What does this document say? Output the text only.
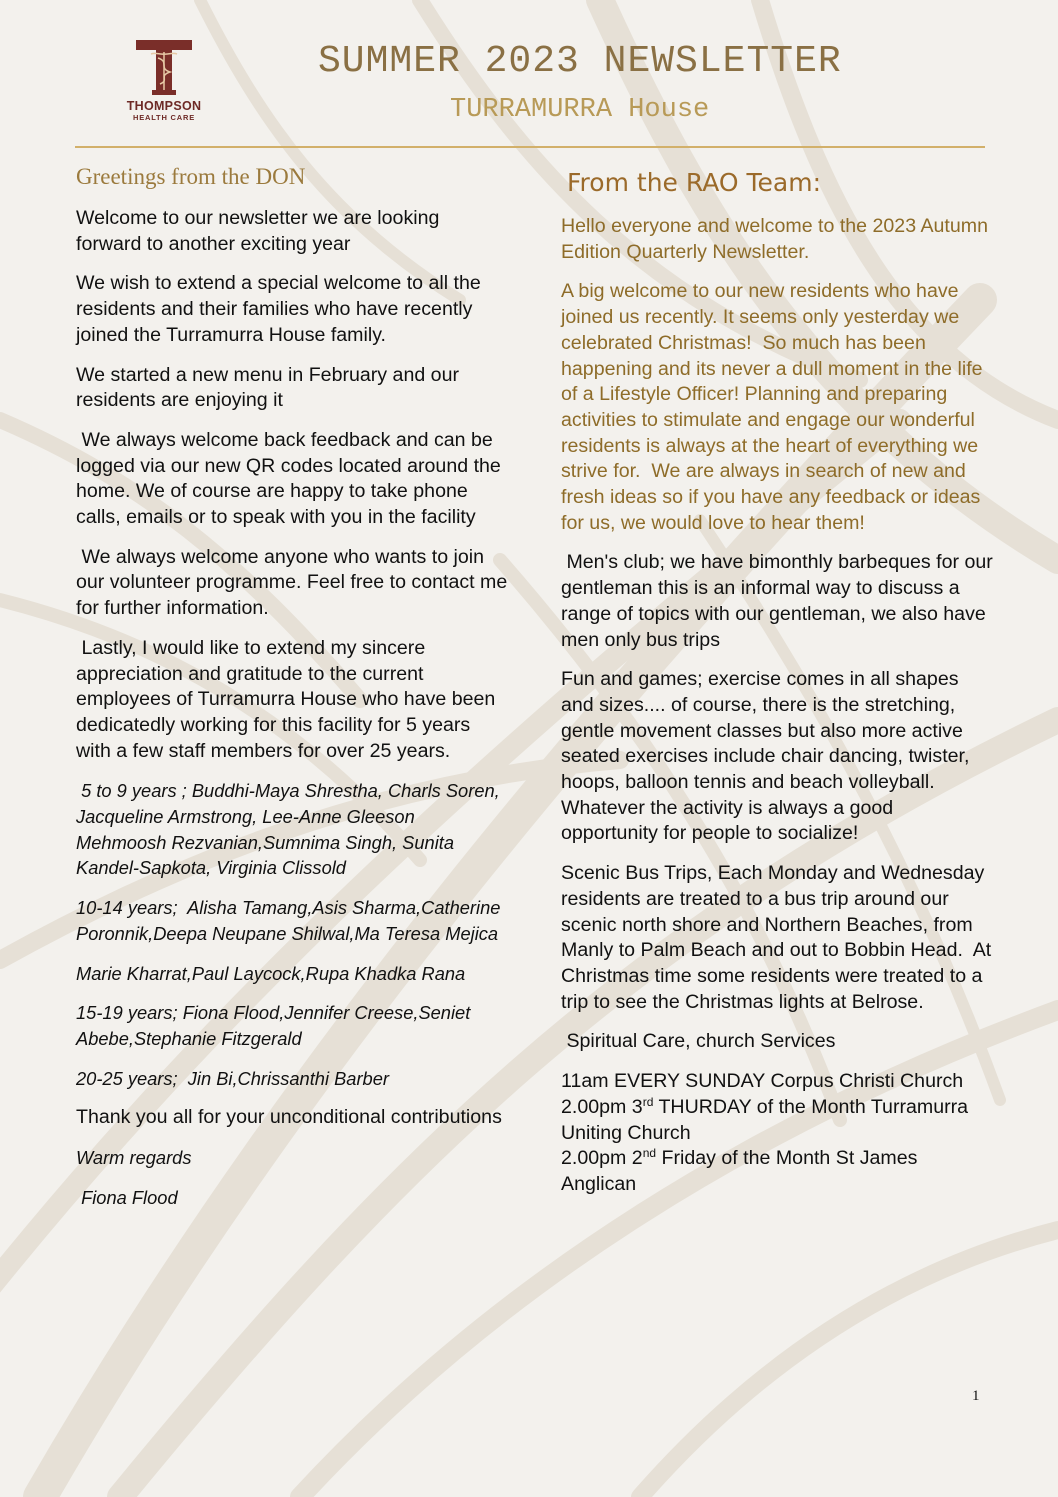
THOMPSON
HEALTH CARE
SUMMER 2023 NEWSLETTER
TURRAMURRA House
Greetings from the DON

Welcome to our newsletter we are looking forward to another exciting year

We wish to extend a special welcome to all the residents and their families who have recently joined the Turramurra House family.

We started a new menu in February and our residents are enjoying it

We always welcome back feedback and can be logged via our new QR codes located around the home. We of course are happy to take phone calls, emails or to speak with you in the facility

We always welcome anyone who wants to join our volunteer programme. Feel free to contact me for further information.

Lastly, I would like to extend my sincere appreciation and gratitude to the current employees of Turramurra House who have been dedicatedly working for this facility for 5 years with a few staff members for over 25 years.

5 to 9 years ; Buddhi-Maya Shrestha, Charls Soren, Jacqueline Armstrong, Lee-Anne Gleeson Mehmoosh Rezvanian,Sumnima Singh, Sunita Kandel-Sapkota, Virginia Clissold

10-14 years;  Alisha Tamang,Asis Sharma,Catherine Poronnik,Deepa Neupane Shilwal,Ma Teresa Mejica

Marie Kharrat,Paul Laycock,Rupa Khadka Rana

15-19 years; Fiona Flood,Jennifer Creese,Seniet Abebe,Stephanie Fitzgerald

20-25 years;  Jin Bi,Chrissanthi Barber

Thank you all for your unconditional contributions

Warm regards

Fiona Flood

From the RAO Team:

Hello everyone and welcome to the 2023 Autumn Edition Quarterly Newsletter.

A big welcome to our new residents who have joined us recently. It seems only yesterday we celebrated Christmas!  So much has been happening and its never a dull moment in the life of a Lifestyle Officer! Planning and preparing activities to stimulate and engage our wonderful residents is always at the heart of everything we strive for.  We are always in search of new and fresh ideas so if you have any feedback or ideas for us, we would love to hear them!

Men's club; we have bimonthly barbeques for our gentleman this is an informal way to discuss a range of topics with our gentleman, we also have men only bus trips

Fun and games; exercise comes in all shapes and sizes.... of course, there is the stretching, gentle movement classes but also more active seated exercises include chair dancing, twister, hoops, balloon tennis and beach volleyball. Whatever the activity is always a good opportunity for people to socialize!

Scenic Bus Trips, Each Monday and Wednesday residents are treated to a bus trip around our scenic north shore and Northern Beaches, from Manly to Palm Beach and out to Bobbin Head.  At Christmas time some residents were treated to a trip to see the Christmas lights at Belrose.

Spiritual Care, church Services

11am EVERY SUNDAY Corpus Christi Church
2.00pm 3rd THURDAY of the Month Turramurra Uniting Church
2.00pm 2nd Friday of the Month St James Anglican

1
